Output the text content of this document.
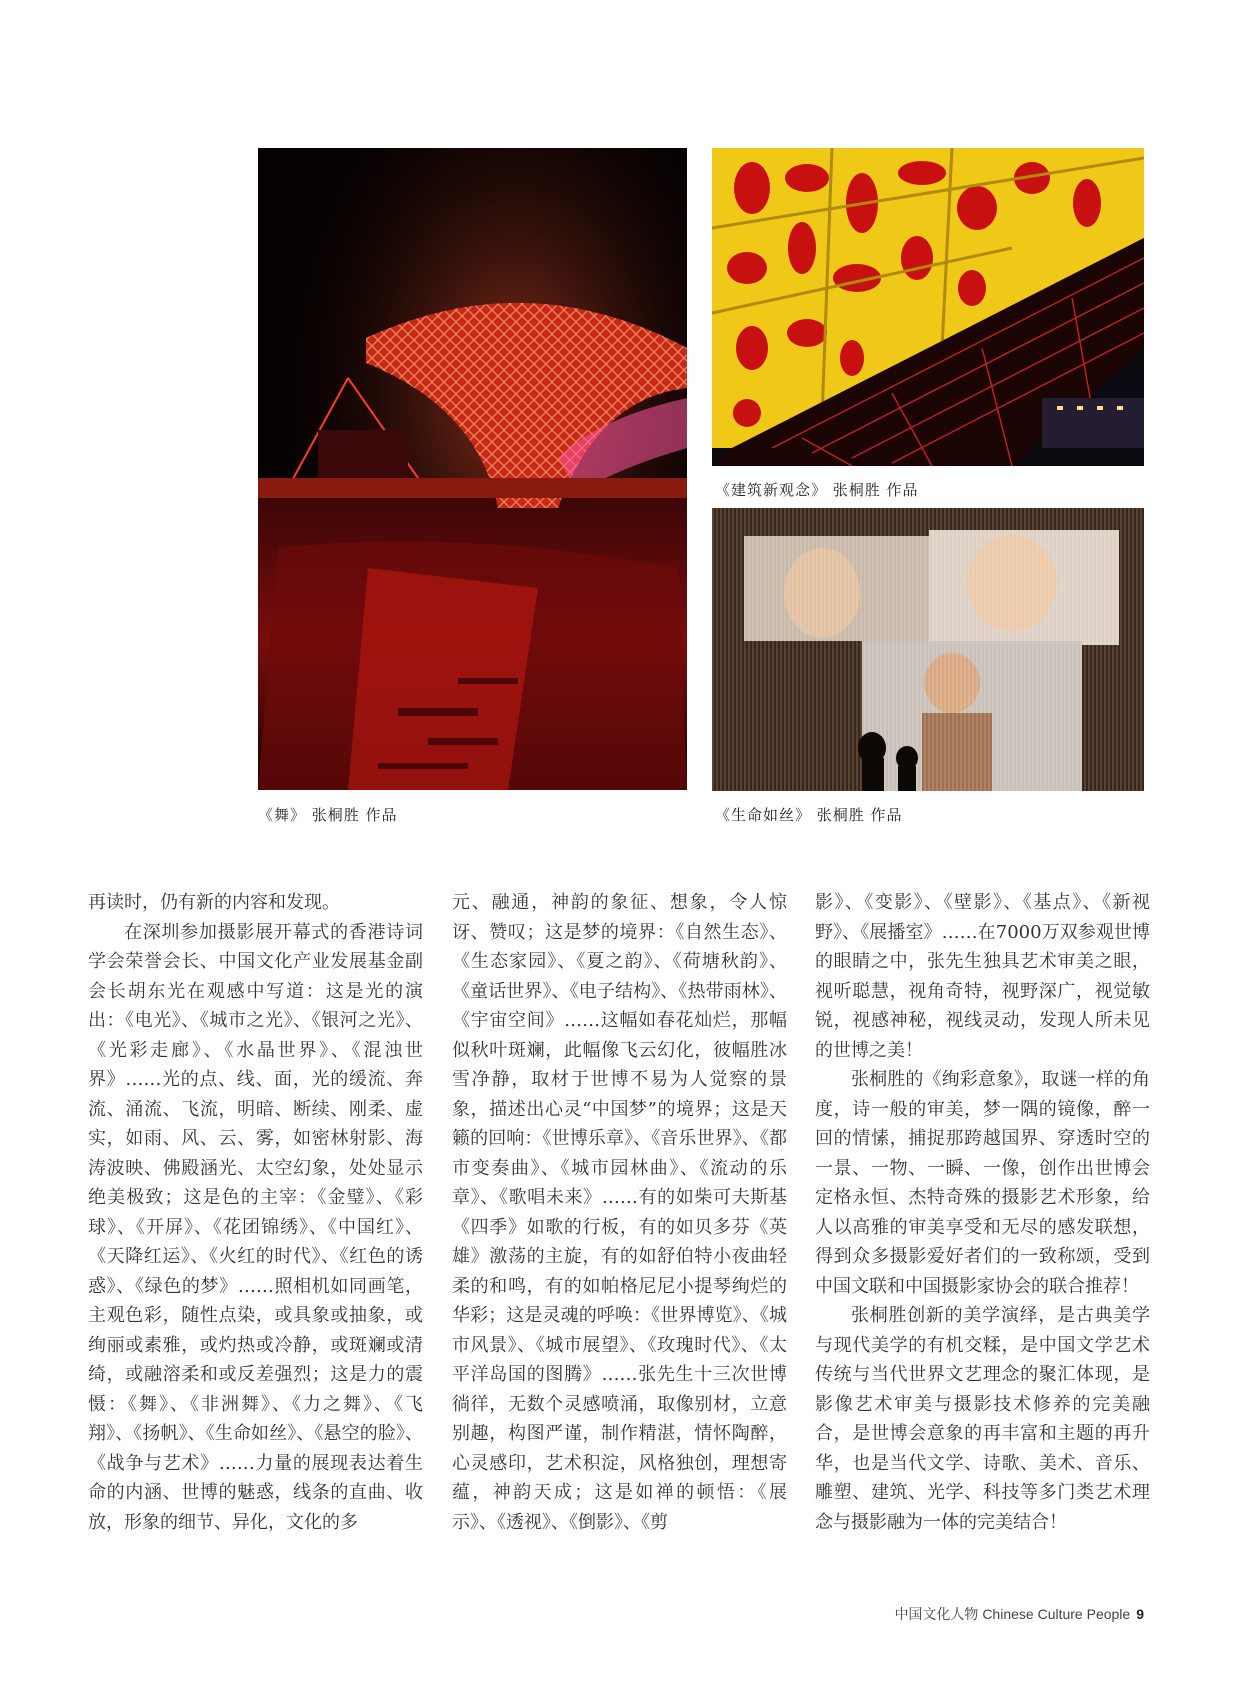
《舞》 张桐胜 作品
《建筑新观念》 张桐胜 作品
《生命如丝》 张桐胜 作品

再读时，仍有新的内容和发现。

在深圳参加摄影展开幕式的香港诗词学会荣誉会长、中国文化产业发展基金副会长胡东光在观感中写道：这是光的演出：《电光》、《城市之光》、《银河之光》、《光彩走廊》、《水晶世界》、《混浊世界》……光的点、线、面，光的缓流、奔流、涌流、飞流，明暗、断续、刚柔、虚实，如雨、风、云、雾，如密林射影、海涛波映、佛殿涵光、太空幻象，处处显示绝美极致；这是色的主宰：《金璧》、《彩球》、《开屏》、《花团锦绣》、《中国红》、《天降红运》、《火红的时代》、《红色的诱惑》、《绿色的梦》……照相机如同画笔，主观色彩，随性点染，或具象或抽象，或绚丽或素雅，或灼热或冷静，或斑斓或清绮，或融溶柔和或反差强烈；这是力的震慑：《舞》、《非洲舞》、《力之舞》、《飞翔》、《扬帆》、《生命如丝》、《悬空的脸》、《战争与艺术》……力量的展现表达着生命的内涵、世博的魅惑，线条的直曲、收放，形象的细节、异化，文化的多

元、融通，神韵的象征、想象，令人惊讶、赞叹；这是梦的境界：《自然生态》、《生态家园》、《夏之韵》、《荷塘秋韵》、《童话世界》、《电子结构》、《热带雨林》、《宇宙空间》……这幅如春花灿烂，那幅似秋叶斑斓，此幅像飞云幻化，彼幅胜冰雪净静，取材于世博不易为人觉察的景象，描述出心灵“中国梦”的境界；这是天籁的回响：《世博乐章》、《音乐世界》、《都市变奏曲》、《城市园林曲》、《流动的乐章》、《歌唱未来》……有的如柴可夫斯基《四季》如歌的行板，有的如贝多芬《英雄》激荡的主旋，有的如舒伯特小夜曲轻柔的和鸣，有的如帕格尼尼小提琴绚烂的华彩；这是灵魂的呼唤：《世界博览》、《城市风景》、《城市展望》、《玫瑰时代》、《太平洋岛国的图腾》……张先生十三次世博徜徉，无数个灵感喷涌，取像别材，立意别趣，构图严谨，制作精湛，情怀陶醉，心灵感印，艺术积淀，风格独创，理想寄蕴，神韵天成；这是如禅的顿悟：《展示》、《透视》、《倒影》、《剪

影》、《变影》、《壁影》、《基点》、《新视野》、《展播室》……在7000万双参观世博的眼睛之中，张先生独具艺术审美之眼，视听聪慧，视角奇特，视野深广，视觉敏锐，视感神秘，视线灵动，发现人所未见的世博之美！

张桐胜的《绚彩意象》，取谜一样的角度，诗一般的审美，梦一隅的镜像，醉一回的情愫，捕捉那跨越国界、穿透时空的一景、一物、一瞬、一像，创作出世博会定格永恒、杰特奇殊的摄影艺术形象，给人以高雅的审美享受和无尽的感发联想，得到众多摄影爱好者们的一致称颂，受到中国文联和中国摄影家协会的联合推荐！

张桐胜创新的美学演绎，是古典美学与现代美学的有机交糅，是中国文学艺术传统与当代世界文艺理念的聚汇体现，是影像艺术审美与摄影技术修养的完美融合，是世博会意象的再丰富和主题的再升华，也是当代文学、诗歌、美术、音乐、雕塑、建筑、光学、科技等多门类艺术理念与摄影融为一体的完美结合！

中国文化人物 Chinese Culture People 9
